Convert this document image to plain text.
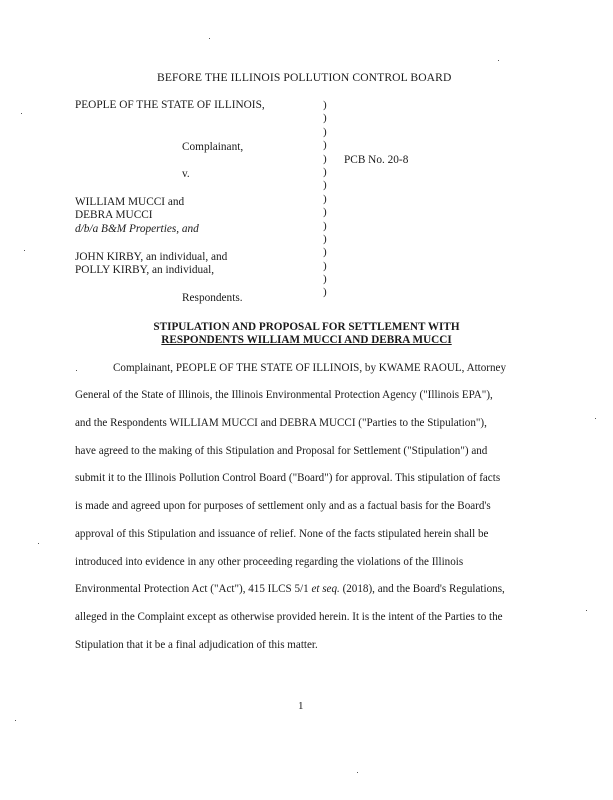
BEFORE THE ILLINOIS POLLUTION CONTROL BOARD
PEOPLE OF THE STATE OF ILLINOIS,
Complainant,
v.
WILLIAM MUCCI and
DEBRA MUCCI
d/b/a B&M Properties, and
JOHN KIRBY, an individual, and
POLLY KIRBY, an individual,
Respondents.
)
)
)
)
)
)
)
)
)
)
)
)
)
)
)
PCB No. 20-8
STIPULATION AND PROPOSAL FOR SETTLEMENT WITH
RESPONDENTS WILLIAM MUCCI AND DEBRA MUCCI
Complainant, PEOPLE OF THE STATE OF ILLINOIS, by KWAME RAOUL, Attorney
General of the State of Illinois, the Illinois Environmental Protection Agency ("Illinois EPA"),
and the Respondents WILLIAM MUCCI and DEBRA MUCCI ("Parties to the Stipulation"),
have agreed to the making of this Stipulation and Proposal for Settlement ("Stipulation") and
submit it to the Illinois Pollution Control Board ("Board") for approval. This stipulation of facts
is made and agreed upon for purposes of settlement only and as a factual basis for the Board's
approval of this Stipulation and issuance of relief. None of the facts stipulated herein shall be
introduced into evidence in any other proceeding regarding the violations of the Illinois
Environmental Protection Act ("Act"), 415 ILCS 5/1 et seq. (2018), and the Board's Regulations,
alleged in the Complaint except as otherwise provided herein. It is the intent of the Parties to the
Stipulation that it be a final adjudication of this matter.
1
